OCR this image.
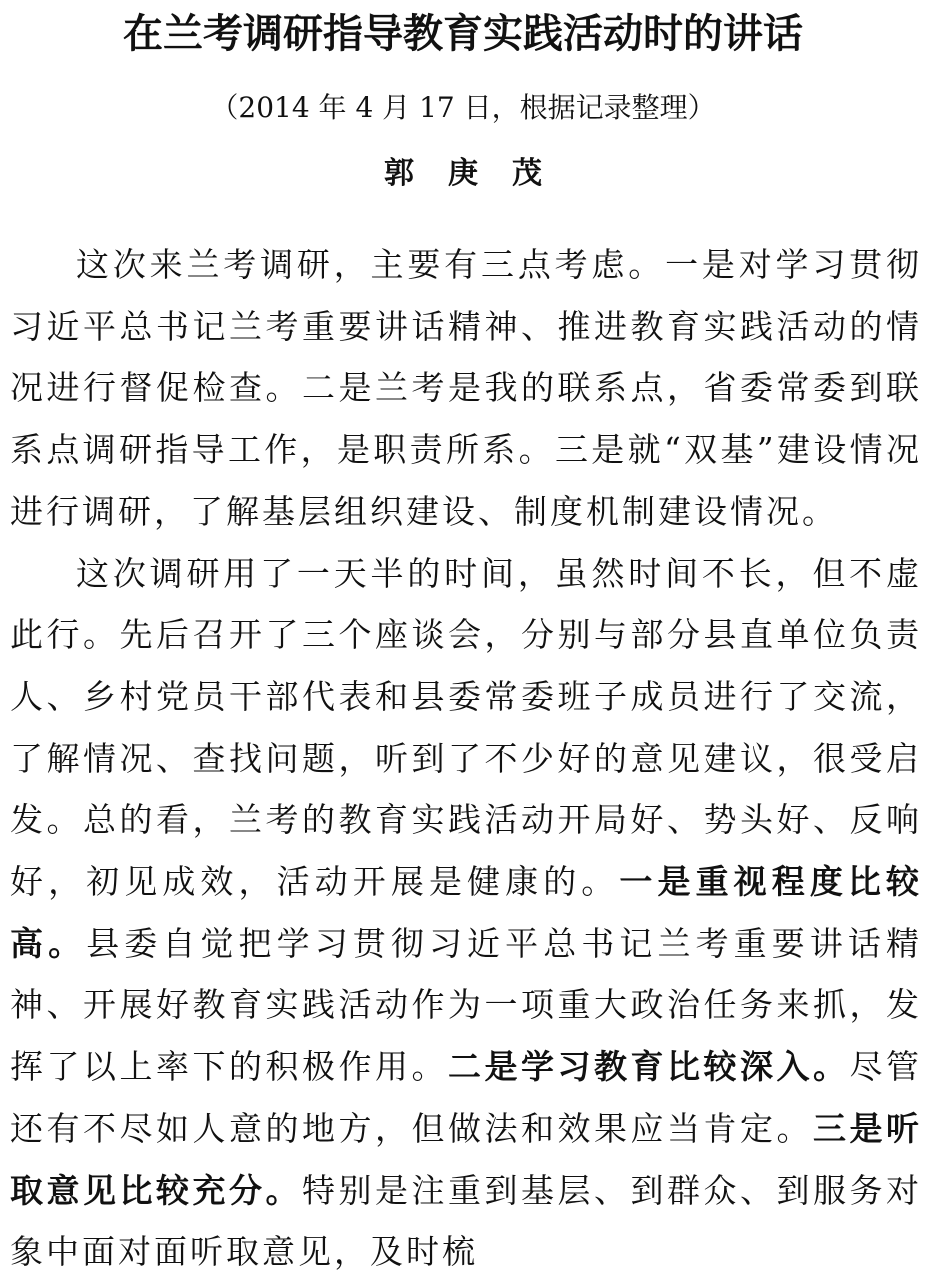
在兰考调研指导教育实践活动时的讲话
（2014 年 4 月 17 日，根据记录整理）
郭庚茂

这次来兰考调研，主要有三点考虑。一是对学习贯彻习近平总书记兰考重要讲话精神、推进教育实践活动的情况进行督促检查。二是兰考是我的联系点，省委常委到联系点调研指导工作，是职责所系。三是就“双基”建设情况进行调研，了解基层组织建设、制度机制建设情况。

这次调研用了一天半的时间，虽然时间不长，但不虚此行。先后召开了三个座谈会，分别与部分县直单位负责人、乡村党员干部代表和县委常委班子成员进行了交流，了解情况、查找问题，听到了不少好的意见建议，很受启发。总的看，兰考的教育实践活动开局好、势头好、反响好，初见成效，活动开展是健康的。一是重视程度比较高。县委自觉把学习贯彻习近平总书记兰考重要讲话精神、开展好教育实践活动作为一项重大政治任务来抓，发挥了以上率下的积极作用。二是学习教育比较深入。尽管还有不尽如人意的地方，但做法和效果应当肯定。三是听取意见比较充分。特别是注重到基层、到群众、到服务对象中面对面听取意见，及时梳
